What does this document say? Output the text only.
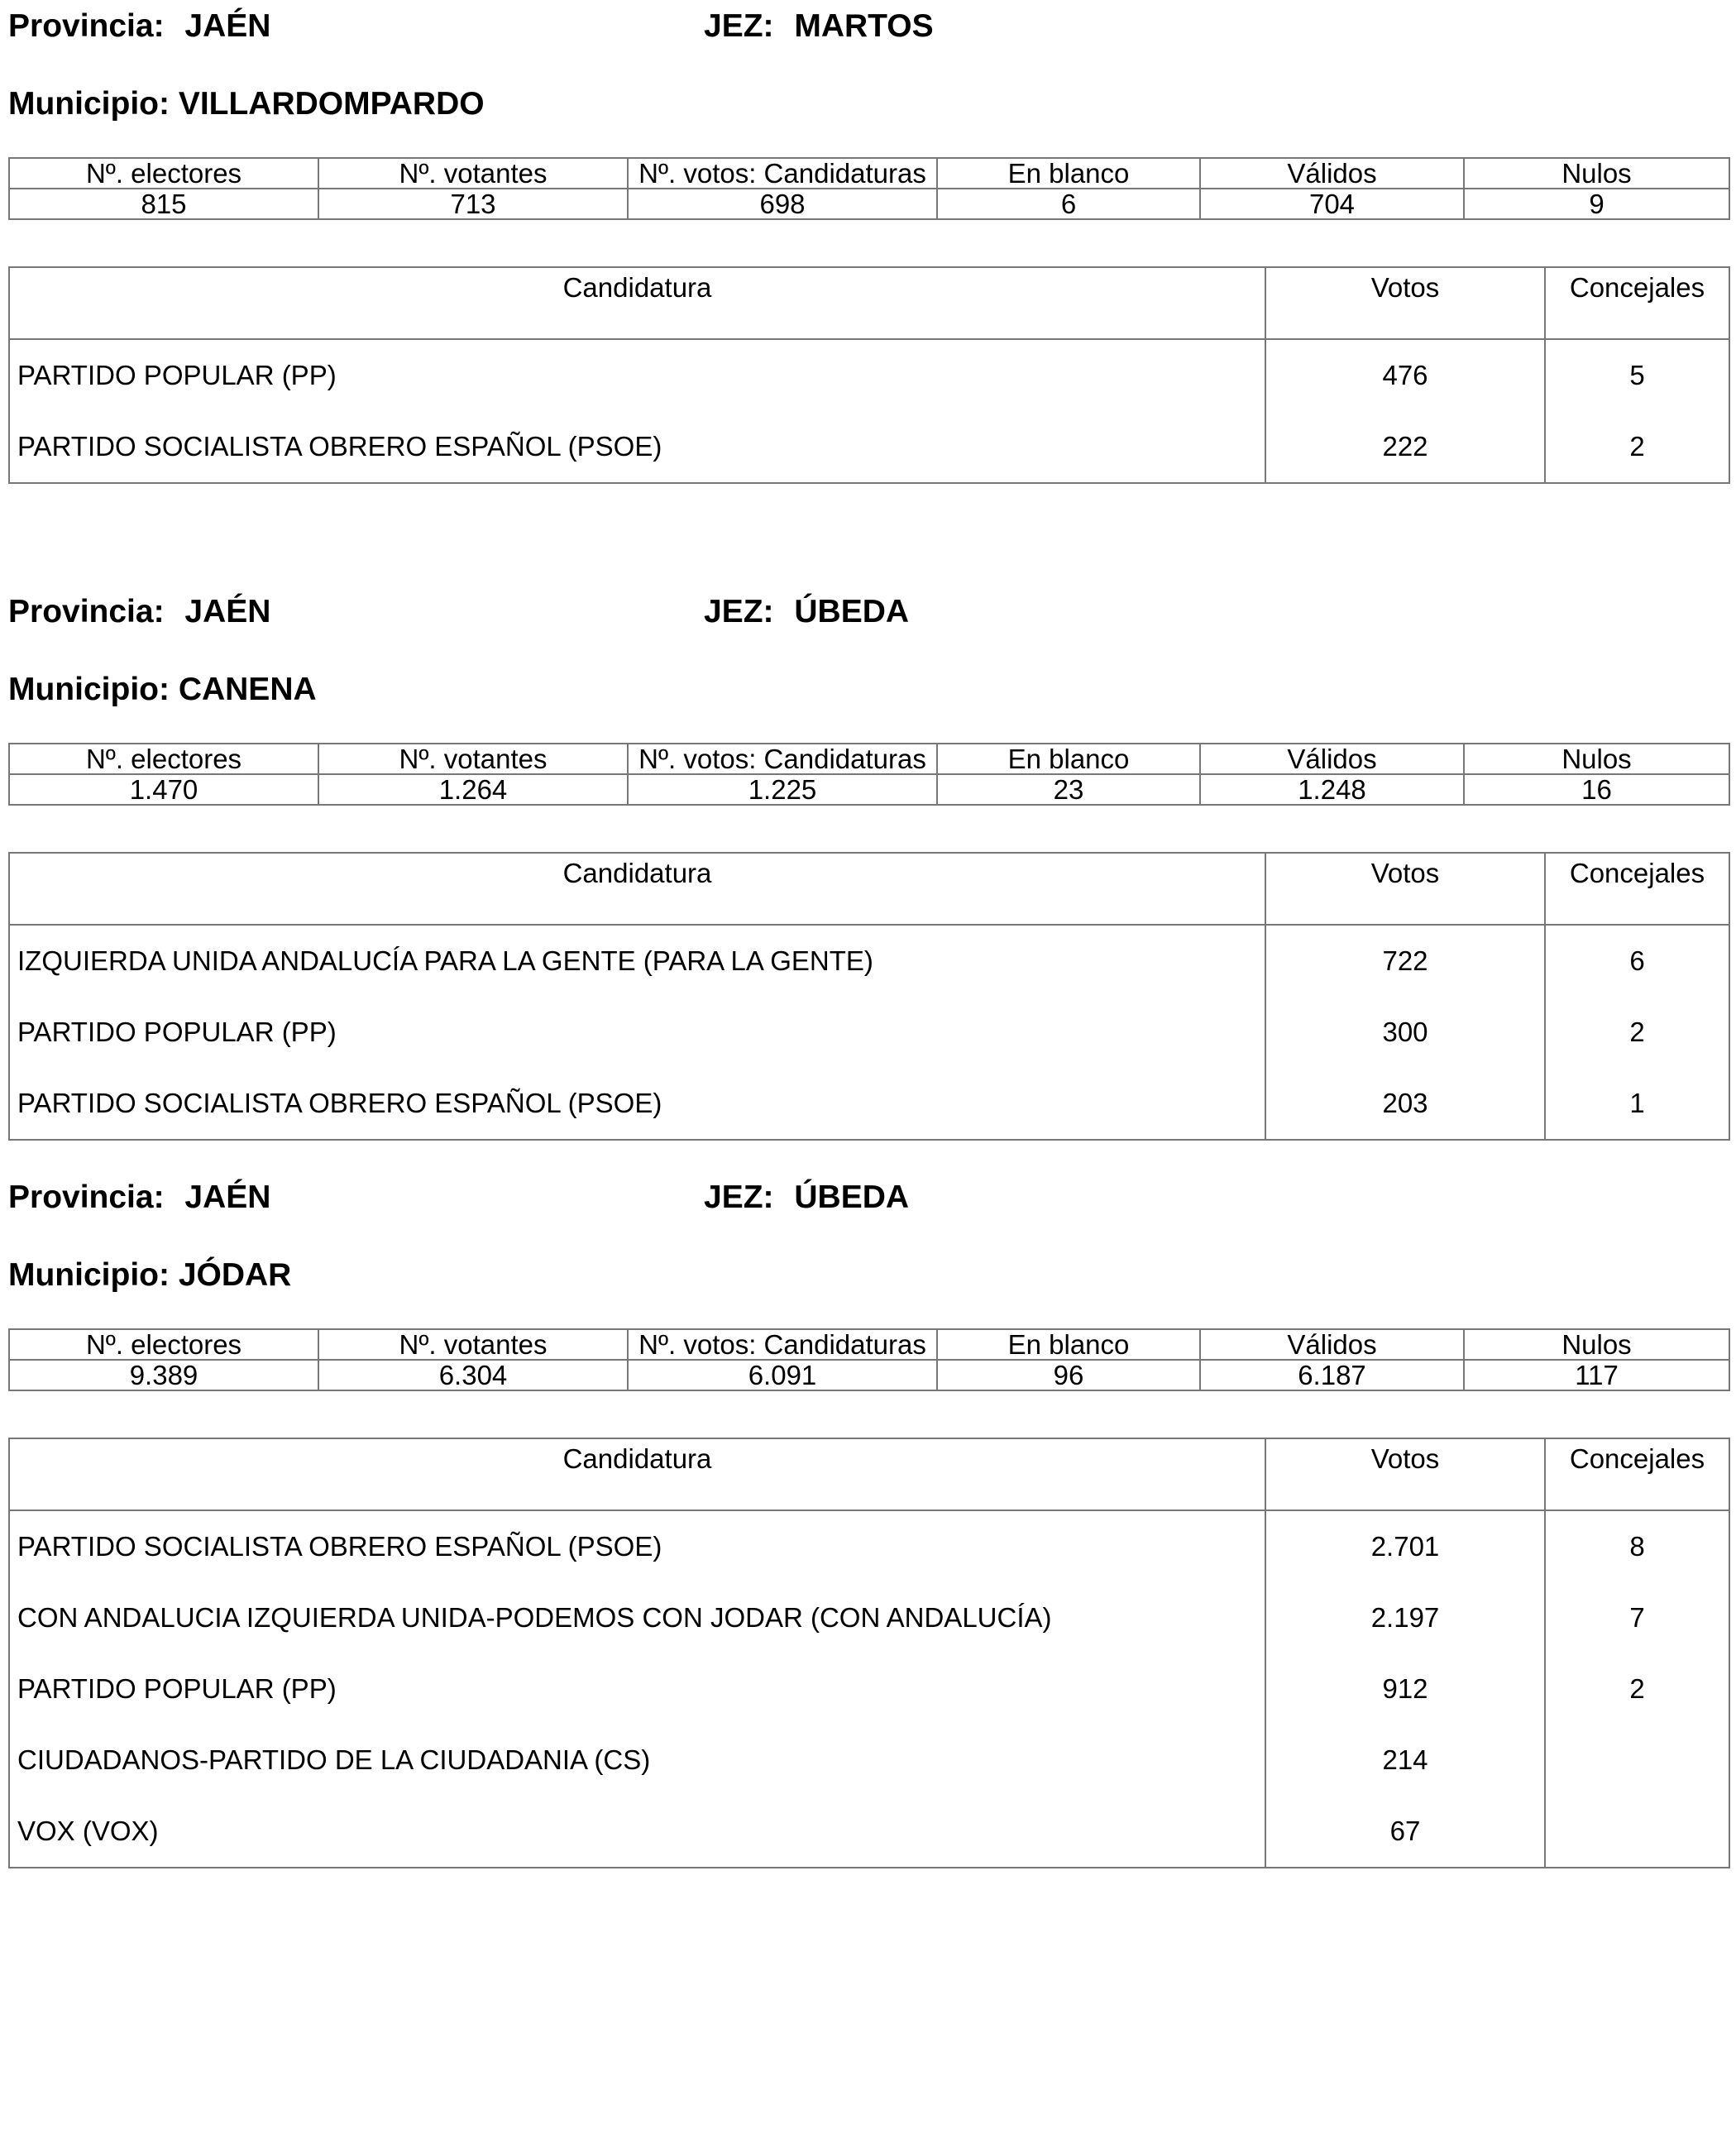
Provincia: JAÉN	JEZ: MARTOS
Municipio: VILLARDOMPARDO
Nº. electores	Nº. votantes	Nº. votos: Candidaturas	En blanco	Válidos	Nulos
815	713	698	6	704	9
Candidatura	Votos	Concejales
PARTIDO POPULAR (PP)	476	5
PARTIDO SOCIALISTA OBRERO ESPAÑOL (PSOE)	222	2
Provincia: JAÉN	JEZ: ÚBEDA
Municipio: CANENA
Nº. electores	Nº. votantes	Nº. votos: Candidaturas	En blanco	Válidos	Nulos
1.470	1.264	1.225	23	1.248	16
Candidatura	Votos	Concejales
IZQUIERDA UNIDA ANDALUCÍA PARA LA GENTE (PARA LA GENTE)	722	6
PARTIDO POPULAR (PP)	300	2
PARTIDO SOCIALISTA OBRERO ESPAÑOL (PSOE)	203	1
Provincia: JAÉN	JEZ: ÚBEDA
Municipio: JÓDAR
Nº. electores	Nº. votantes	Nº. votos: Candidaturas	En blanco	Válidos	Nulos
9.389	6.304	6.091	96	6.187	117
Candidatura	Votos	Concejales
PARTIDO SOCIALISTA OBRERO ESPAÑOL (PSOE)	2.701	8
CON ANDALUCIA IZQUIERDA UNIDA-PODEMOS CON JODAR (CON ANDALUCÍA)	2.197	7
PARTIDO POPULAR (PP)	912	2
CIUDADANOS-PARTIDO DE LA CIUDADANIA (CS)	214	
VOX (VOX)	67	
